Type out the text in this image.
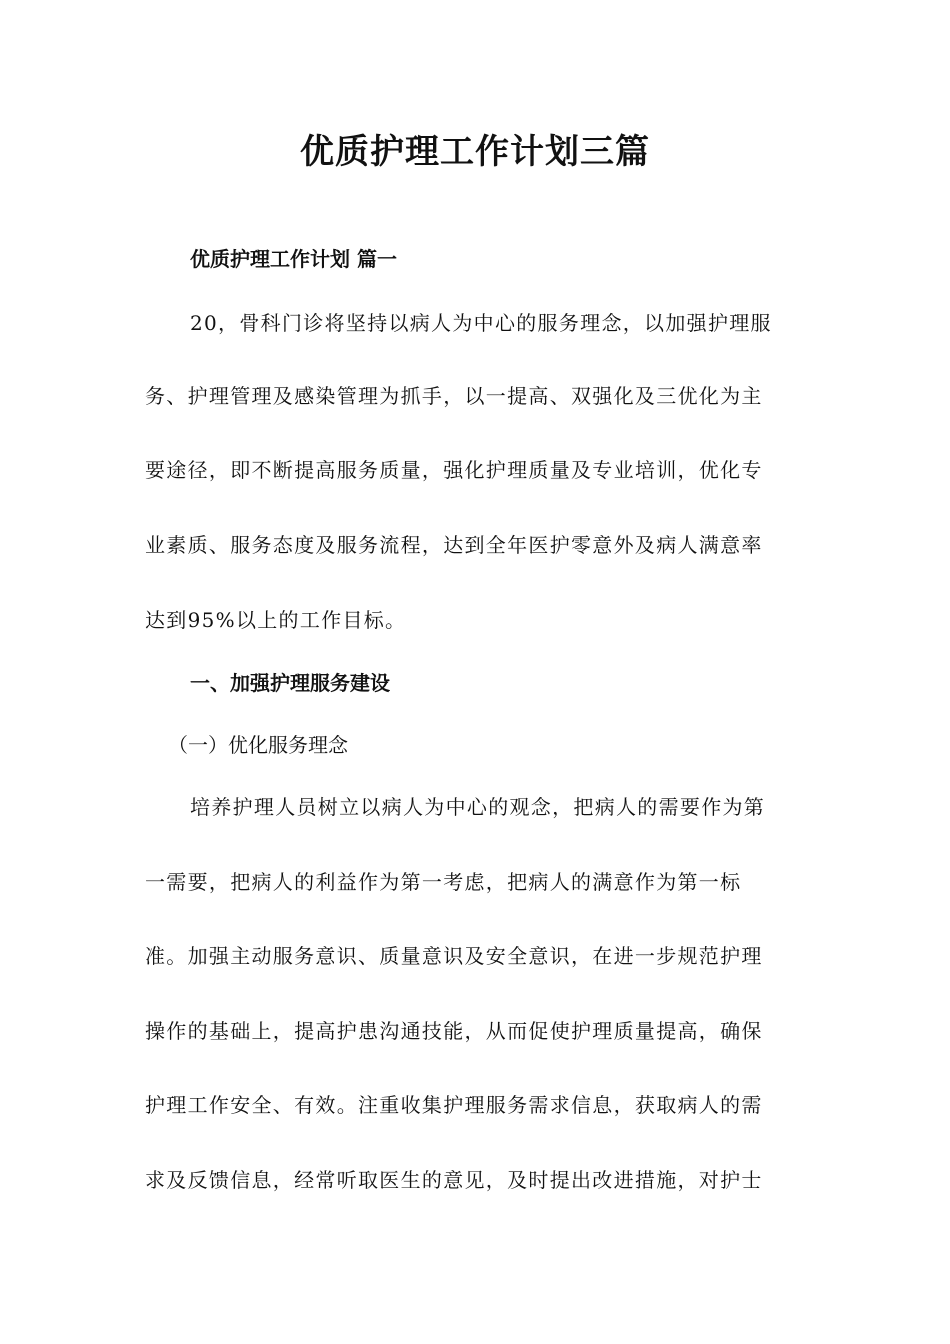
优质护理工作计划三篇
优质护理工作计划 篇一
20，骨科门诊将坚持以病人为中心的服务理念，以加强护理服
务、护理管理及感染管理为抓手，以一提高、双强化及三优化为主
要途径，即不断提高服务质量，强化护理质量及专业培训，优化专
业素质、服务态度及服务流程，达到全年医护零意外及病人满意率
达到95%以上的工作目标。
一、加强护理服务建设
（一）优化服务理念
培养护理人员树立以病人为中心的观念，把病人的需要作为第
一需要，把病人的利益作为第一考虑，把病人的满意作为第一标
准。加强主动服务意识、质量意识及安全意识，在进一步规范护理
操作的基础上，提高护患沟通技能，从而促使护理质量提高，确保
护理工作安全、有效。注重收集护理服务需求信息，获取病人的需
求及反馈信息，经常听取医生的意见，及时提出改进措施，对护士
